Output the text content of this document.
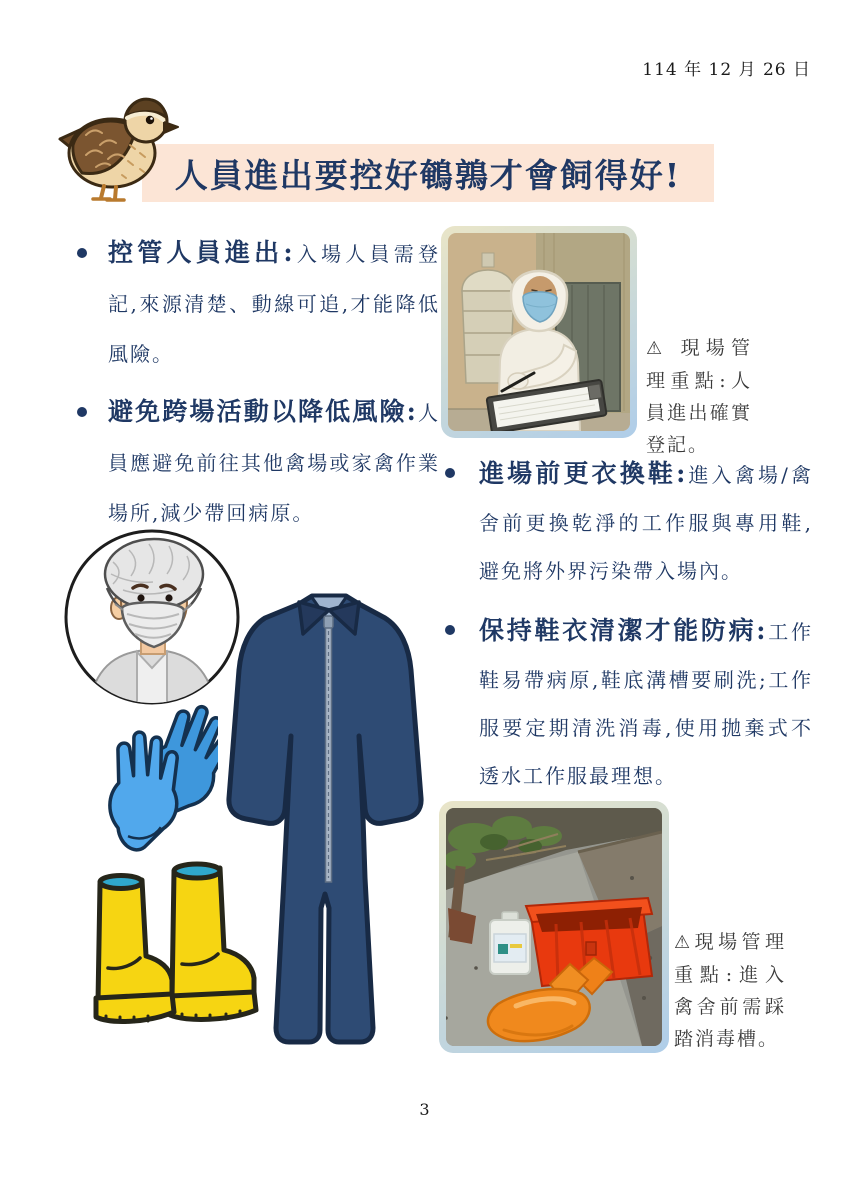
114 年 12 月 26 日
人員進出要控好鵪鶉才會飼得好!
控管人員進出:入場人員需登記,來源清楚、動線可追,才能降低風險。
避免跨場活動以降低風險:人員應避免前往其他禽場或家禽作業場所,減少帶回病原。
⚠ 現場管理重點:人員進出確實登記。
進場前更衣換鞋:進入禽場/禽舍前更換乾淨的工作服與專用鞋,避免將外界污染帶入場內。
保持鞋衣清潔才能防病:工作鞋易帶病原,鞋底溝槽要刷洗;工作服要定期清洗消毒,使用拋棄式不透水工作服最理想。
⚠現場管理重點:進入禽舍前需踩踏消毒槽。
3
